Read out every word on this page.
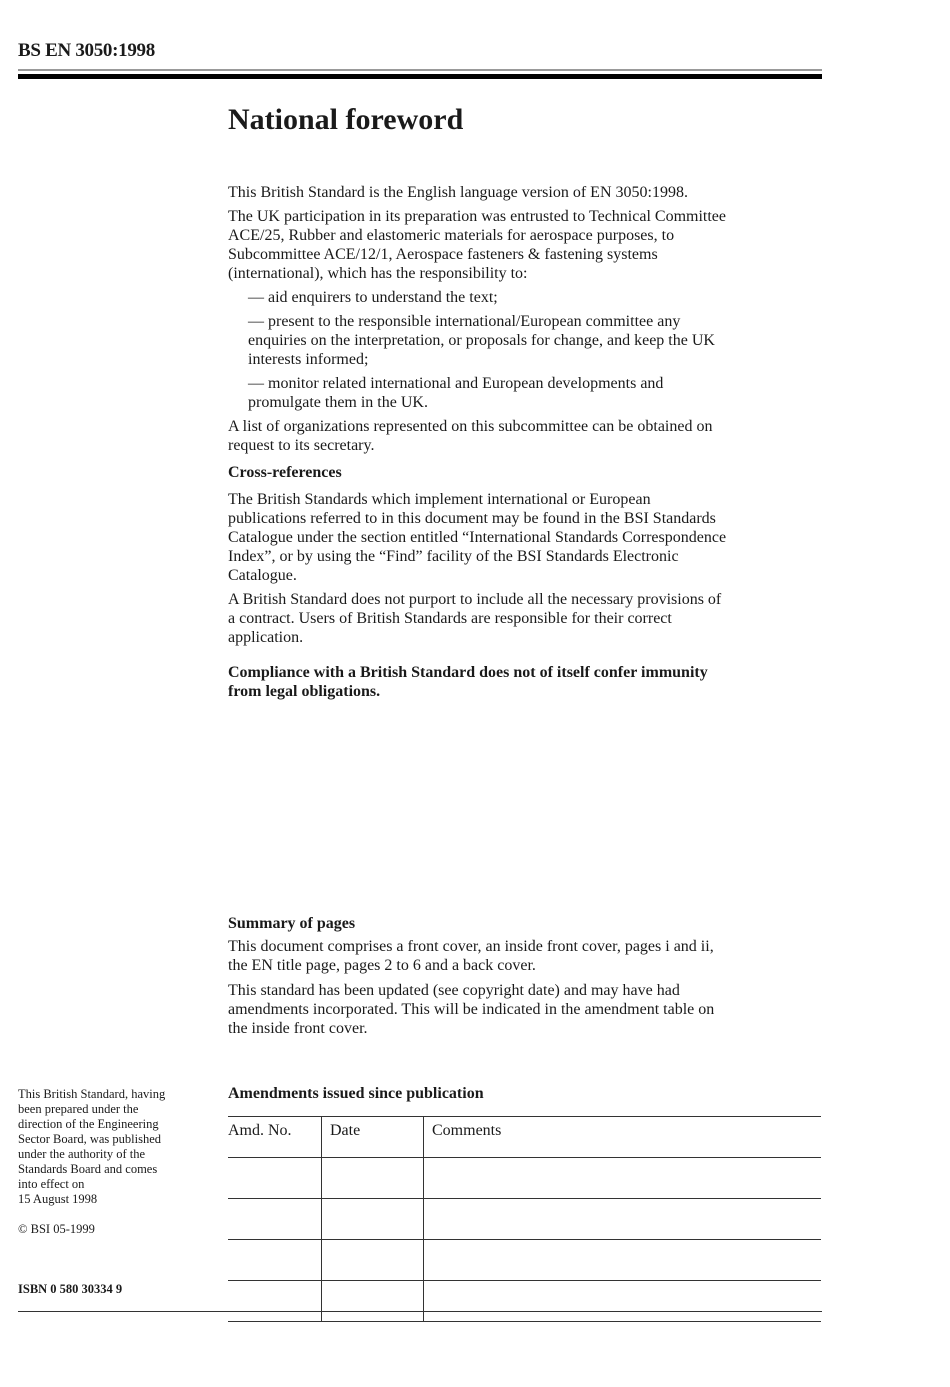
BS EN 3050:1998
National foreword
This British Standard is the English language version of EN 3050:1998.
The UK participation in its preparation was entrusted to Technical Committee
ACE/25, Rubber and elastomeric materials for aerospace purposes, to
Subcommittee ACE/12/1, Aerospace fasteners & fastening systems
(international), which has the responsibility to:
— aid enquirers to understand the text;
— present to the responsible international/European committee any
enquiries on the interpretation, or proposals for change, and keep the UK
interests informed;
— monitor related international and European developments and
promulgate them in the UK.
A list of organizations represented on this subcommittee can be obtained on
request to its secretary.
Cross-references
The British Standards which implement international or European
publications referred to in this document may be found in the BSI Standards
Catalogue under the section entitled “International Standards Correspondence
Index”, or by using the “Find” facility of the BSI Standards Electronic
Catalogue.
A British Standard does not purport to include all the necessary provisions of
a contract. Users of British Standards are responsible for their correct
application.
Compliance with a British Standard does not of itself confer immunity
from legal obligations.
Summary of pages
This document comprises a front cover, an inside front cover, pages i and ii,
the EN title page, pages 2 to 6 and a back cover.
This standard has been updated (see copyright date) and may have had
amendments incorporated. This will be indicated in the amendment table on
the inside front cover.
Amendments issued since publication
Amd. No.	Date	Comments

This British Standard, having
been prepared under the
direction of the Engineering
Sector Board, was published
under the authority of the
Standards Board and comes
into effect on
15 August 1998
© BSI 05-1999
ISBN 0 580 30334 9
